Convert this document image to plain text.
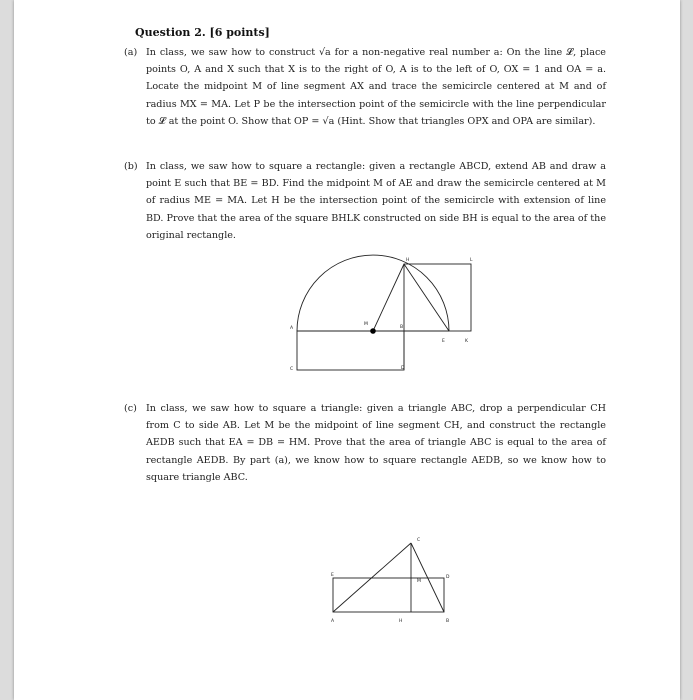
Question 2. [6 points]
(a) In class, we saw how to construct √a for a non-negative real number a: On the line 𝓛, place points O, A and X such that X is to the right of O, A is to the left of O, OX = 1 and OA = a. Locate the midpoint M of line segment AX and trace the semicircle centered at M and of radius MX = MA. Let P be the intersection point of the semicircle with the line perpendicular to 𝓛 at the point O. Show that OP = √a (Hint. Show that triangles OPX and OPA are similar).
(b) In class, we saw how to square a rectangle: given a rectangle ABCD, extend AB and draw a point E such that BE = BD. Find the midpoint M of AE and draw the semicircle centered at M of radius ME = MA. Let H be the intersection point of the semicircle with extension of line BD. Prove that the area of the square BHLK constructed on side BH is equal to the area of the original rectangle.
A
M
B
H	L
E	K
C	D
(c) In class, we saw how to square a triangle: given a triangle ABC, drop a perpendicular CH from C to side AB. Let M be the midpoint of line segment CH, and construct the rectangle AEDB such that EA = DB = HM. Prove that the area of triangle ABC is equal to the area of rectangle AEDB. By part (a), we know how to square rectangle AEDB, so we know how to square triangle ABC.
C
E
M
D
A	H	B
